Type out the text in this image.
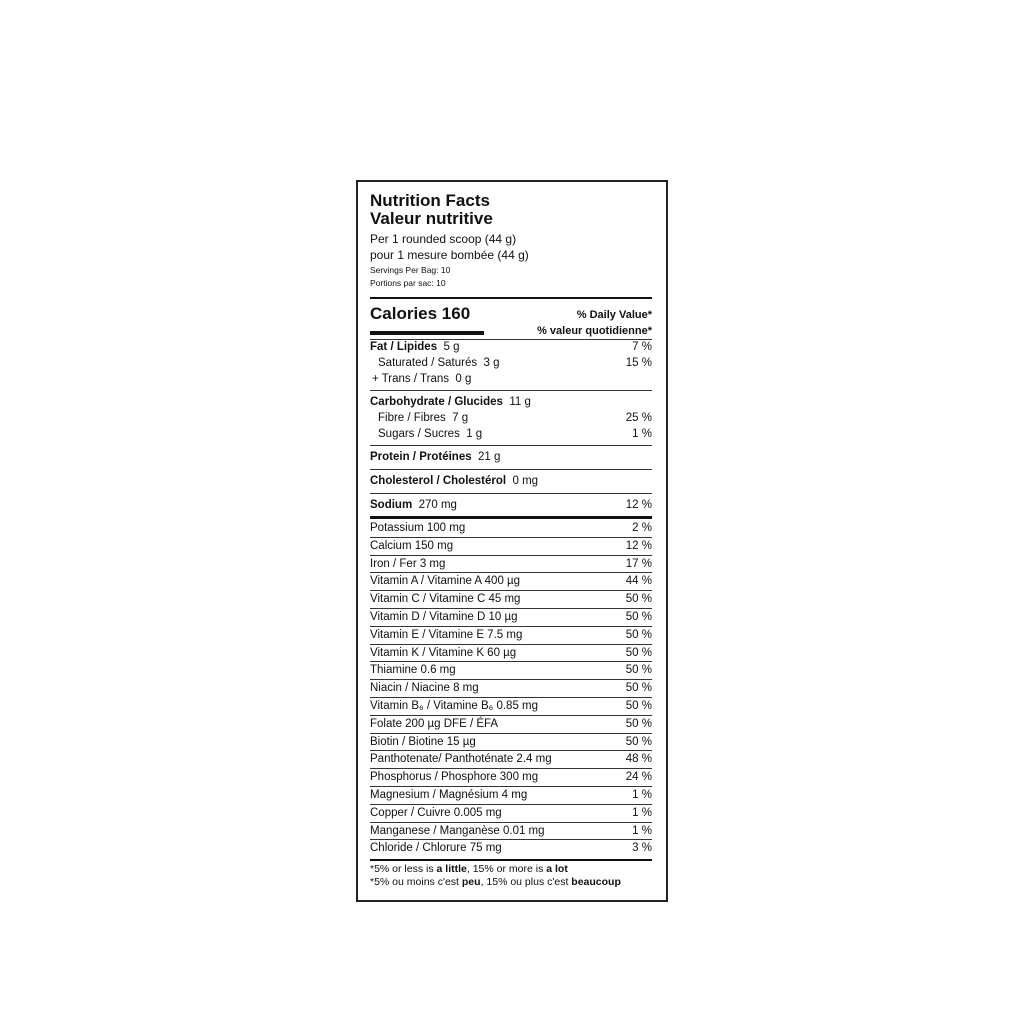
Nutrition Facts
Valeur nutritive
Per 1 rounded scoop (44 g)
pour 1 mesure bombée (44 g)
Servings Per Bag: 10
Portions par sac: 10
Calories 160	% Daily Value*
% valeur quotidienne*
Fat / Lipides 5 g	7 %
Saturated / Saturés 3 g	15 %
+ Trans / Trans 0 g
Carbohydrate / Glucides 11 g
Fibre / Fibres 7 g	25 %
Sugars / Sucres 1 g	1 %
Protein / Protéines 21 g
Cholesterol / Cholestérol 0 mg
Sodium 270 mg	12 %
Potassium 100 mg	2 %
Calcium 150 mg	12 %
Iron / Fer 3 mg	17 %
Vitamin A / Vitamine A 400 µg	44 %
Vitamin C / Vitamine C 45 mg	50 %
Vitamin D / Vitamine D 10 µg	50 %
Vitamin E / Vitamine E 7.5 mg	50 %
Vitamin K / Vitamine K 60 µg	50 %
Thiamine 0.6 mg	50 %
Niacin / Niacine 8 mg	50 %
Vitamin B₆ / Vitamine B₆ 0.85 mg	50 %
Folate 200 µg DFE / ÉFA	50 %
Biotin / Biotine 15 µg	50 %
Panthotenate/ Panthoténate 2.4 mg	48 %
Phosphorus / Phosphore 300 mg	24 %
Magnesium / Magnésium 4 mg	1 %
Copper / Cuivre 0.005 mg	1 %
Manganese / Manganèse 0.01 mg	1 %
Chloride / Chlorure 75 mg	3 %
*5% or less is a little, 15% or more is a lot
*5% ou moins c'est peu, 15% ou plus c'est beaucoup
